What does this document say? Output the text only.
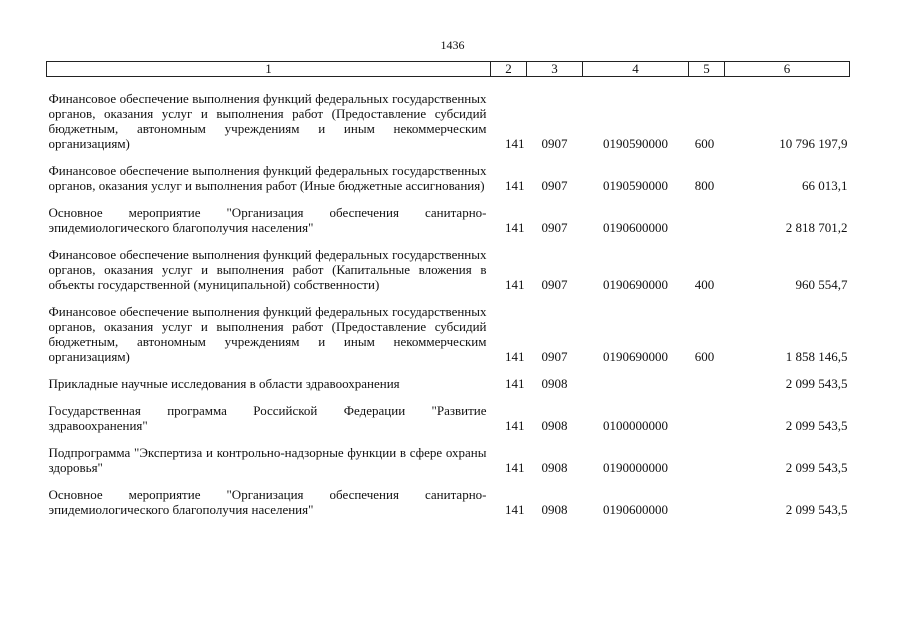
1436
1	2	3	4	5	6
Финансовое обеспечение выполнения функций федеральных государственных органов, оказания услуг и выполнения работ (Предоставление субсидий бюджетным, автономным учреждениям и иным некоммерческим организациям)	141	0907	0190590000	600	10 796 197,9
Финансовое обеспечение выполнения функций федеральных государственных органов, оказания услуг и выполнения работ (Иные бюджетные ассигнования)	141	0907	0190590000	800	66 013,1
Основное мероприятие "Организация обеспечения санитарно-эпидемиологического благополучия населения"	141	0907	0190600000		2 818 701,2
Финансовое обеспечение выполнения функций федеральных государственных органов, оказания услуг и выполнения работ (Капитальные вложения в объекты государственной (муниципальной) собственности)	141	0907	0190690000	400	960 554,7
Финансовое обеспечение выполнения функций федеральных государственных органов, оказания услуг и выполнения работ (Предоставление субсидий бюджетным, автономным учреждениям и иным некоммерческим организациям)	141	0907	0190690000	600	1 858 146,5
Прикладные научные исследования в области здравоохранения	141	0908			2 099 543,5
Государственная программа Российской Федерации "Развитие здравоохранения"	141	0908	0100000000		2 099 543,5
Подпрограмма "Экспертиза и контрольно-надзорные функции в сфере охраны здоровья"	141	0908	0190000000		2 099 543,5
Основное мероприятие "Организация обеспечения санитарно-эпидемиологического благополучия населения"	141	0908	0190600000		2 099 543,5
